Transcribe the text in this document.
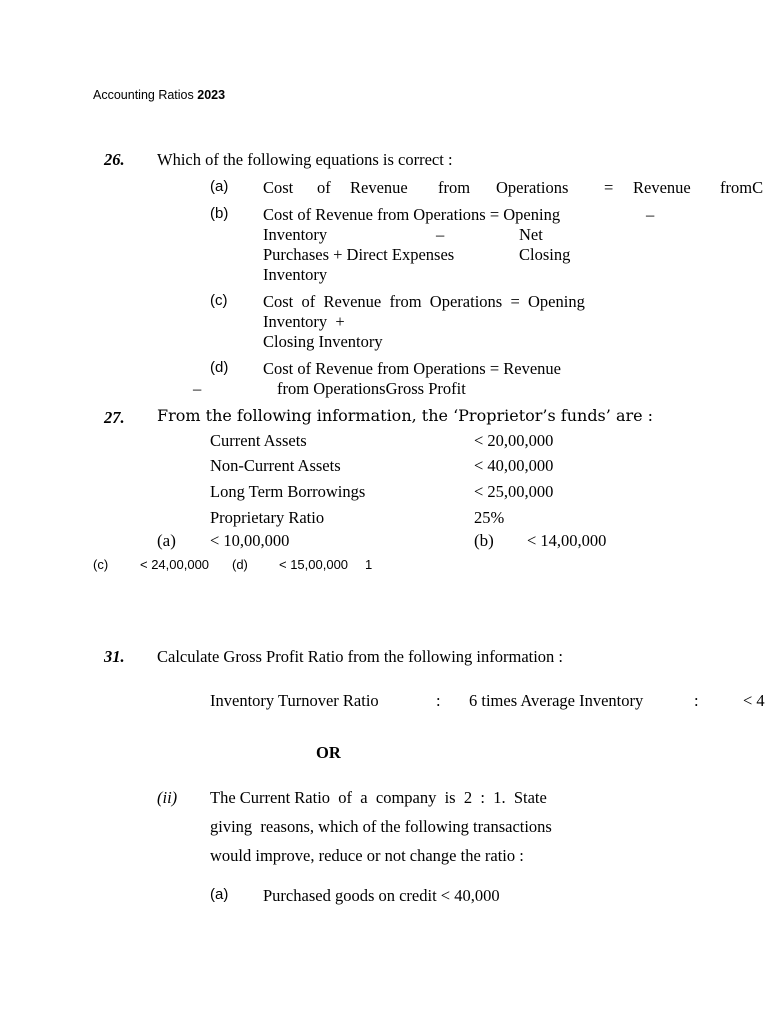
Accounting Ratios 2023
26. Which of the following equations is correct :
(a) Cost of Revenue from Operations = Revenue fromC
(b) Cost of Revenue from Operations = Opening	–
Inventory	–	Net
Purchases + Direct Expenses	Closing
Inventory
(c) Cost  of  Revenue  from  Operations  =  Opening
Inventory  +
Closing Inventory
(d) Cost of Revenue from Operations = Revenue
–	from OperationsGross Profit
27. From the following information, the ‘Proprietor’s funds’ are :
Current Assets	< 20,00,000
Non-Current Assets	< 40,00,000
Long Term Borrowings	< 25,00,000
Proprietary Ratio	25%
(a) < 10,00,000	(b) < 14,00,000
(c) < 24,00,000 (d) < 15,00,000 1
31. Calculate Gross Profit Ratio from the following information :
Inventory Turnover Ratio	: 6 times Average Inventory	:	< 4
OR
(ii) The Current Ratio  of  a  company  is  2  :  1.  State
giving  reasons, which of the following transactions
would improve, reduce or not change the ratio :
(a) Purchased goods on credit < 40,000
